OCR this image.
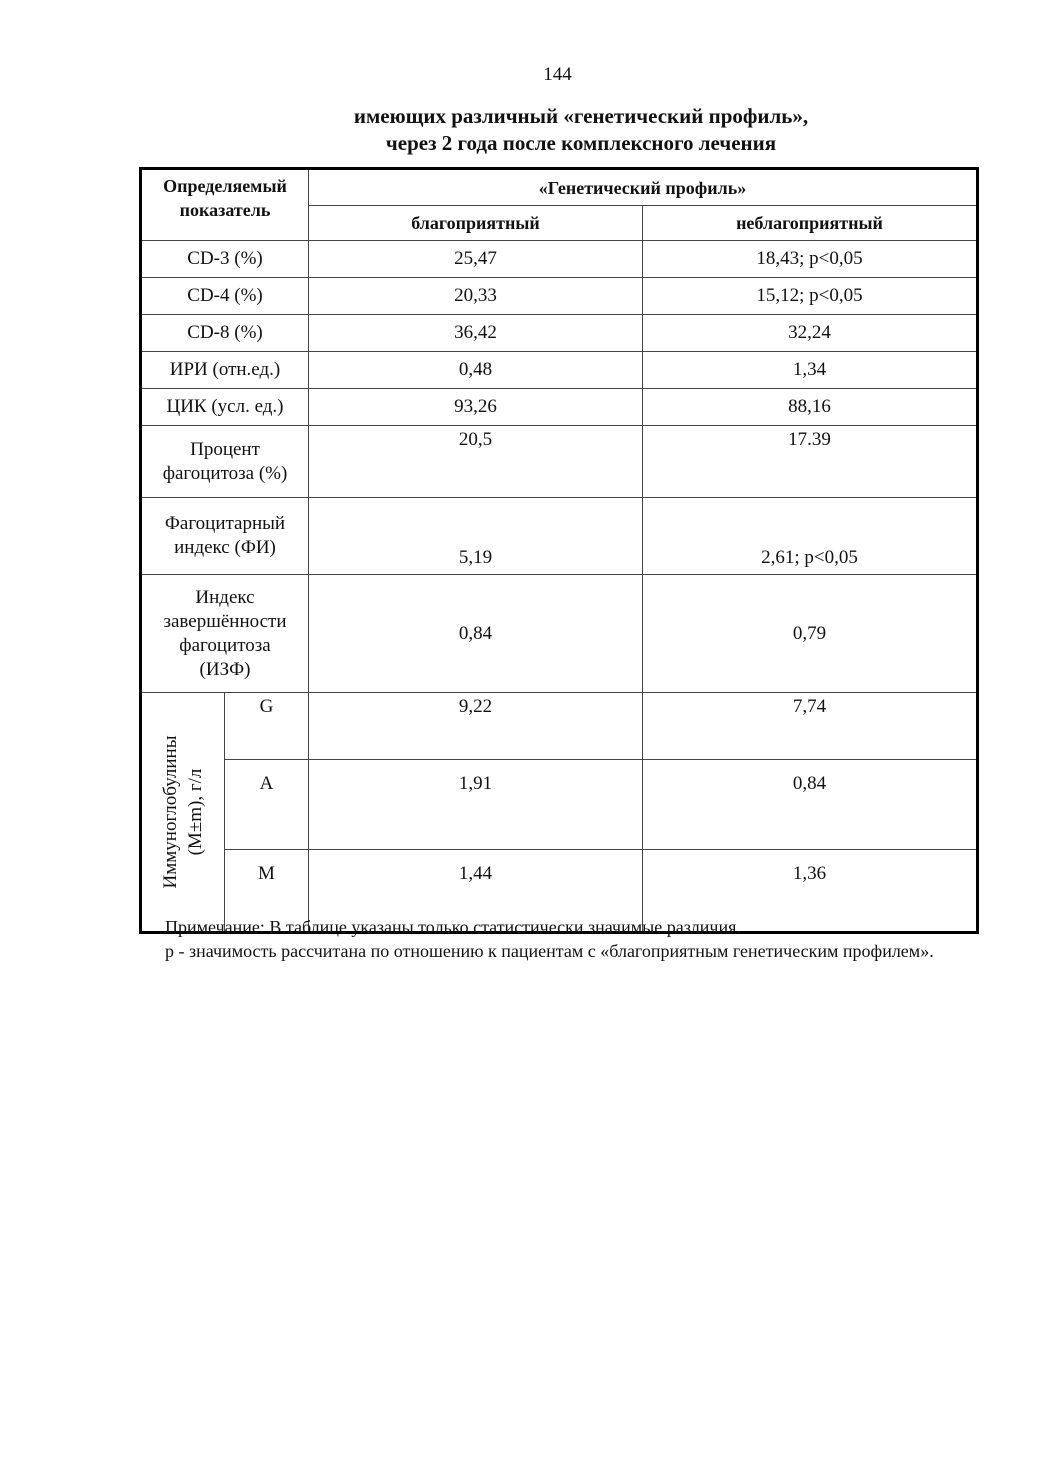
144
имеющих различный «генетический профиль»,
через 2 года после комплексного лечения
Определяемый
показатель		«Генетический профиль»	
		благоприятный	неблагоприятный
CD-3 (%)		25,47	18,43; p<0,05
CD-4 (%)		20,33	15,12; p<0,05
CD-8 (%)		36,42	32,24
ИРИ (отн.ед.)		0,48	1,34
ЦИК (усл. ед.)		93,26	88,16

Процент
фагоцитоза (%)		20,5	17.39

Фагоцитарный
индекс (ФИ)		5,19	2,61; p<0,05

Индекс
завершённости
фагоцитоза
(ИЗФ)		0,84	0,79

Иммуноглобулины (M±m), г/л	G	9,22	7,74
	A	1,91	0,84
	M	1,44	1,36
Примечание: В таблице указаны только статистически значимые различия.
p - значимость рассчитана по отношению к пациентам с «благоприятным генетическим профилем».
